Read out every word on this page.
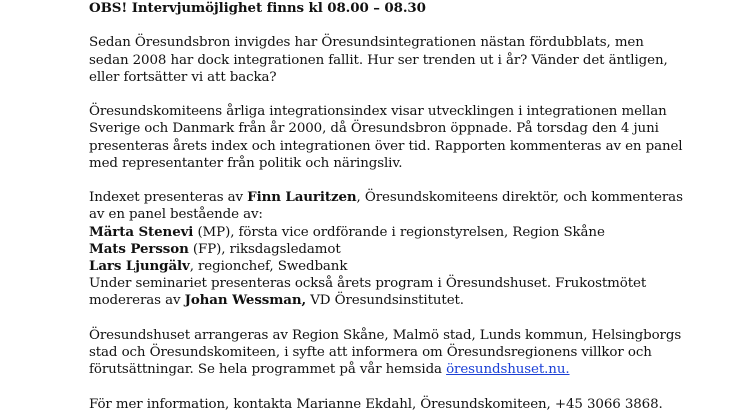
OBS! Intervjumöjlighet finns kl 08.00 – 08.30

Sedan Öresundsbron invigdes har Öresundsintegrationen nästan fördubblats, men
sedan 2008 har dock integrationen fallit. Hur ser trenden ut i år? Vänder det äntligen,
eller fortsätter vi att backa?

Öresundskomiteens årliga integrationsindex visar utvecklingen i integrationen mellan
Sverige och Danmark från år 2000, då Öresundsbron öppnade. På torsdag den 4 juni
presenteras årets index och integrationen över tid. Rapporten kommenteras av en panel
med representanter från politik och näringsliv.

Indexet presenteras av Finn Lauritzen, Öresundskomiteens direktör, och kommenteras
av en panel bestående av:
Märta Stenevi (MP), första vice ordförande i regionstyrelsen, Region Skåne
Mats Persson (FP), riksdagsledamot
Lars Ljungälv, regionchef, Swedbank
Under seminariet presenteras också årets program i Öresundshuset. Frukostmötet
modereras av Johan Wessman, VD Öresundsinstitutet.

Öresundshuset arrangeras av Region Skåne, Malmö stad, Lunds kommun, Helsingborgs
stad och Öresundskomiteen, i syfte att informera om Öresundsregionens villkor och
förutsättningar. Se hela programmet på vår hemsida öresundshuset.nu.

För mer information, kontakta Marianne Ekdahl, Öresundskomiteen, +45 3066 3868.
